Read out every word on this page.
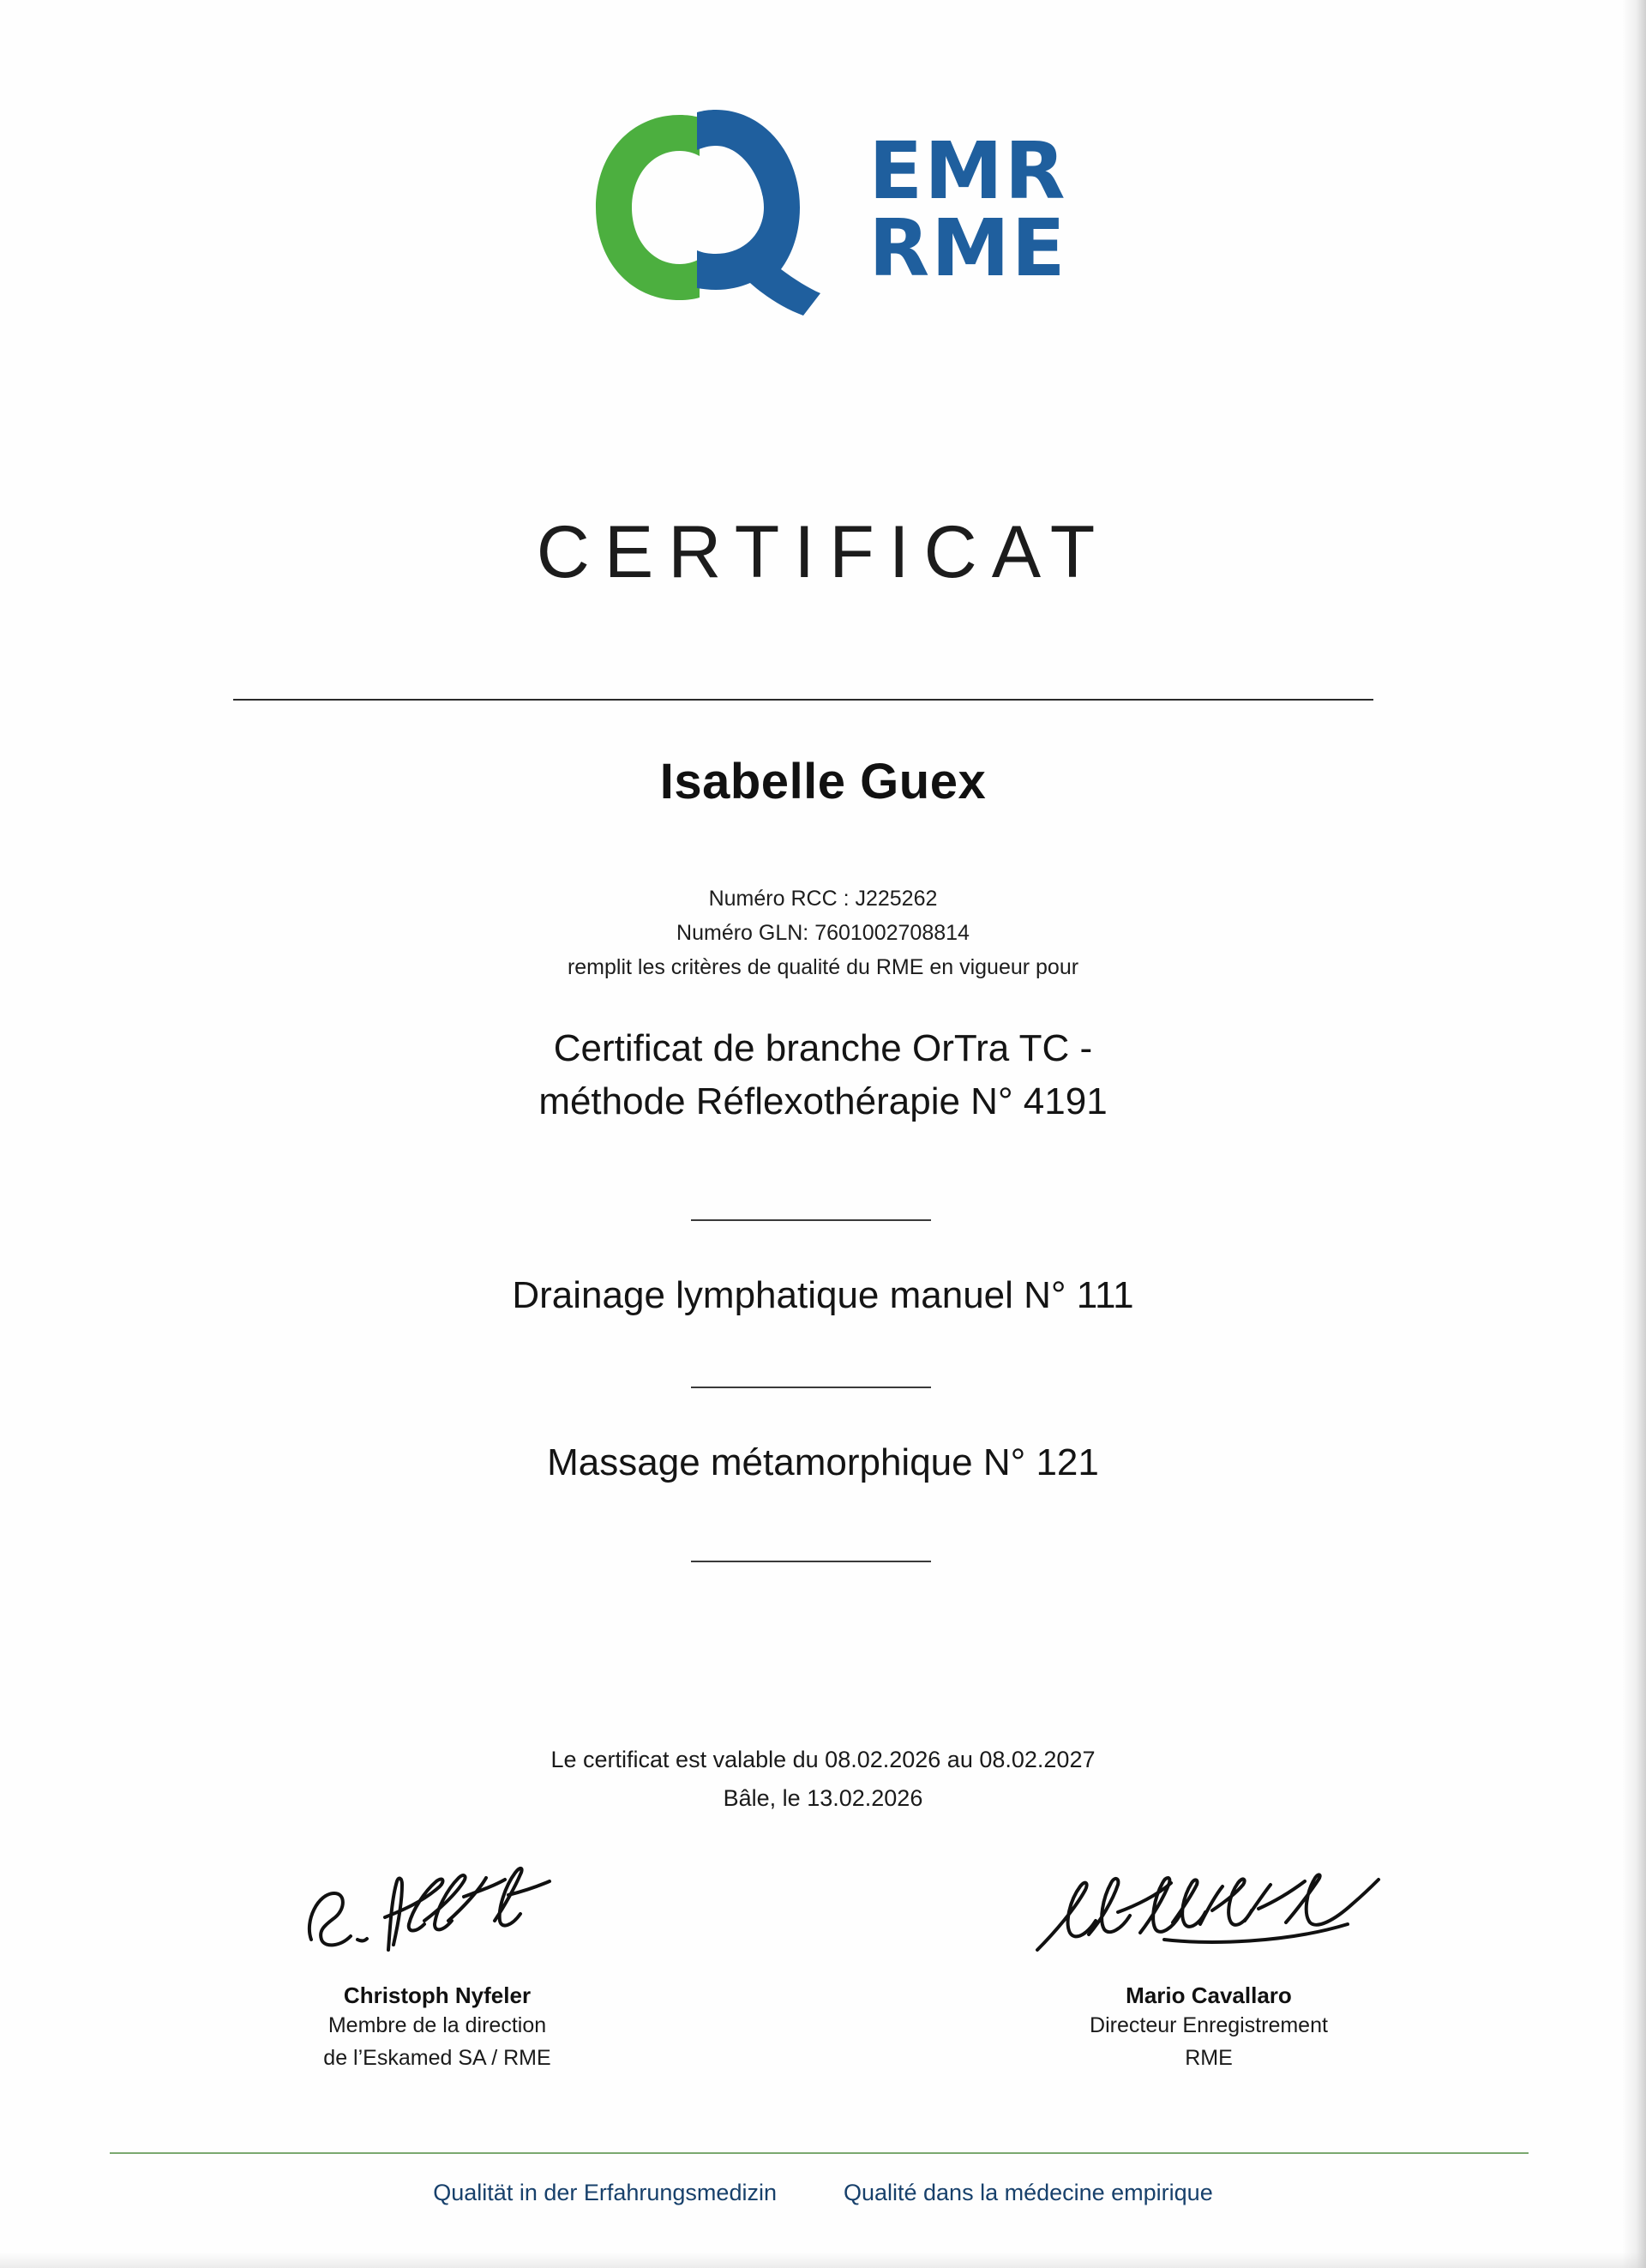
EMR
RME
CERTIFICAT
Isabelle Guex
Numéro RCC : J225262
Numéro GLN: 7601002708814
remplit les critères de qualité du RME en vigueur pour
Certificat de branche OrTra TC -
méthode Réflexothérapie N° 4191
Drainage lymphatique manuel N° 111
Massage métamorphique N° 121
Le certificat est valable du 08.02.2026 au 08.02.2027
Bâle, le 13.02.2026
Christoph Nyfeler
Membre de la direction
de l’Eskamed SA / RME
Mario Cavallaro
Directeur Enregistrement
RME
Qualität in der Erfahrungsmedizin	Qualité dans la médecine empirique
